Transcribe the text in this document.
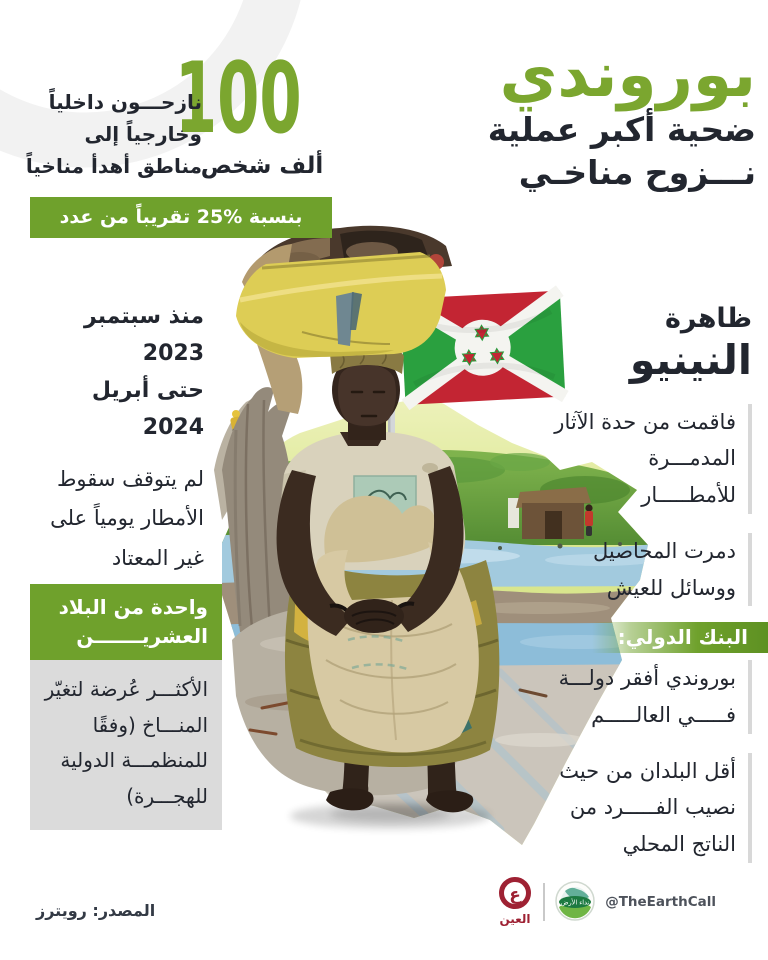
بوروندي
ضحية أكبر عملية
نـــزوح مناخـي
100
ألف شخص
نازحـــون داخلياً وخارجياً إلى مناطق أهدأ مناخياً
بنسبة %25 تقريباً من عدد السكان
منذ سبتمبر 2023
حتى أبريل 2024
لم يتوقف سقوط الأمطار يومياً على غير المعتاد
ظاهرة
النينيو
فاقمت من حدة الآثار المدمـــرة للأمطـــــار
دمرت المحاصيل ووسائل للعيش
واحدة من البلاد
العشريـــــــن
الأكثـــر عُرضة لتغيّر المنـــاخ (وفقًا للمنظمـــة الدولية للهجـــرة)
البنك الدولي:
بوروندي أفقر دولـــة فـــــي العالـــــم
أقل البلدان من حيث نصيب الفـــــرد من الناتج المحلي
المصدر: رويترز
ع
العين
نداء الأرض @TheEarthCall
